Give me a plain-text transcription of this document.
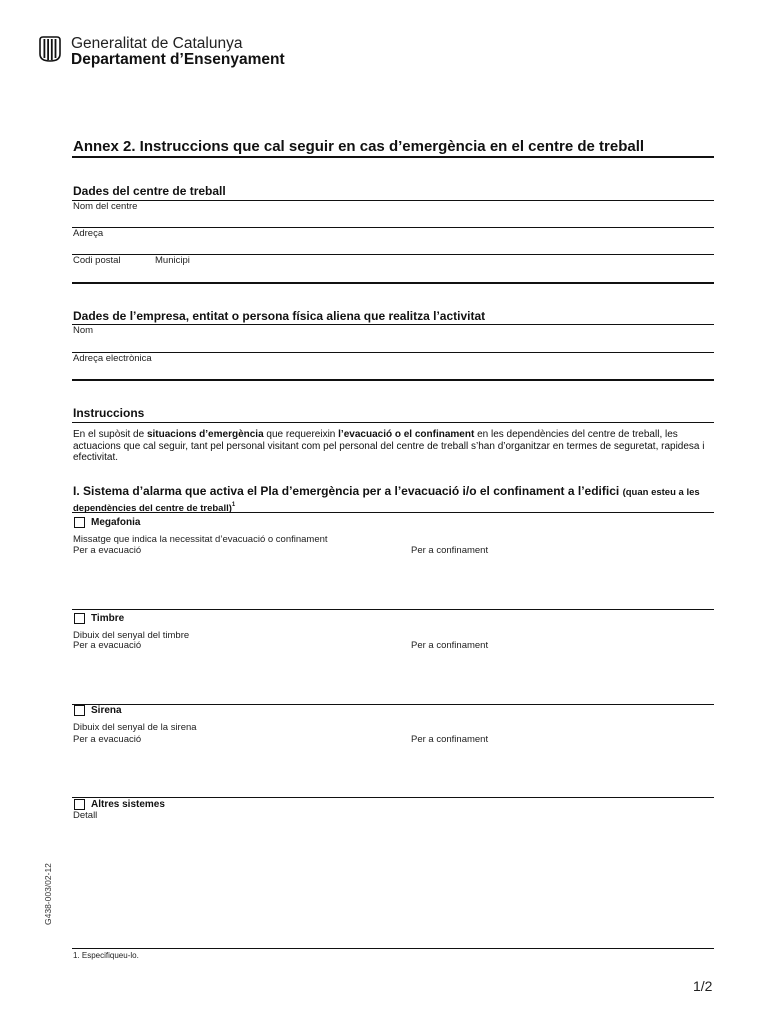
Generalitat de Catalunya
Departament d’Ensenyament
Annex 2. Instruccions que cal seguir en cas d’emergència en el centre de treball
Dades del centre de treball
Nom del centre
Adreça
Codi postal	Municipi
Dades de l’empresa, entitat o persona física aliena que realitza l’activitat
Nom
Adreça electrònica
Instruccions
En el supòsit de situacions d’emergència que requereixin l’evacuació o el confinament en les dependències del centre de treball, les actuacions que cal seguir, tant pel personal visitant com pel personal del centre de treball s’han d’organitzar en termes de seguretat, rapidesa i efectivitat.
I. Sistema d’alarma que activa el Pla d’emergència per a l’evacuació i/o el confinament a l’edifici (quan esteu a les dependències del centre de treball)$^1$
Megafonia
Missatge que indica la necessitat d’evacuació o confinament
Per a evacuació	Per a confinament
Timbre
Dibuix del senyal del timbre
Per a evacuació	Per a confinament
Sirena
Dibuix del senyal de la sirena
Per a evacuació	Per a confinament
Altres sistemes
Detall
G438-003/02-12
1. Especifiqueu-lo.
1/2
